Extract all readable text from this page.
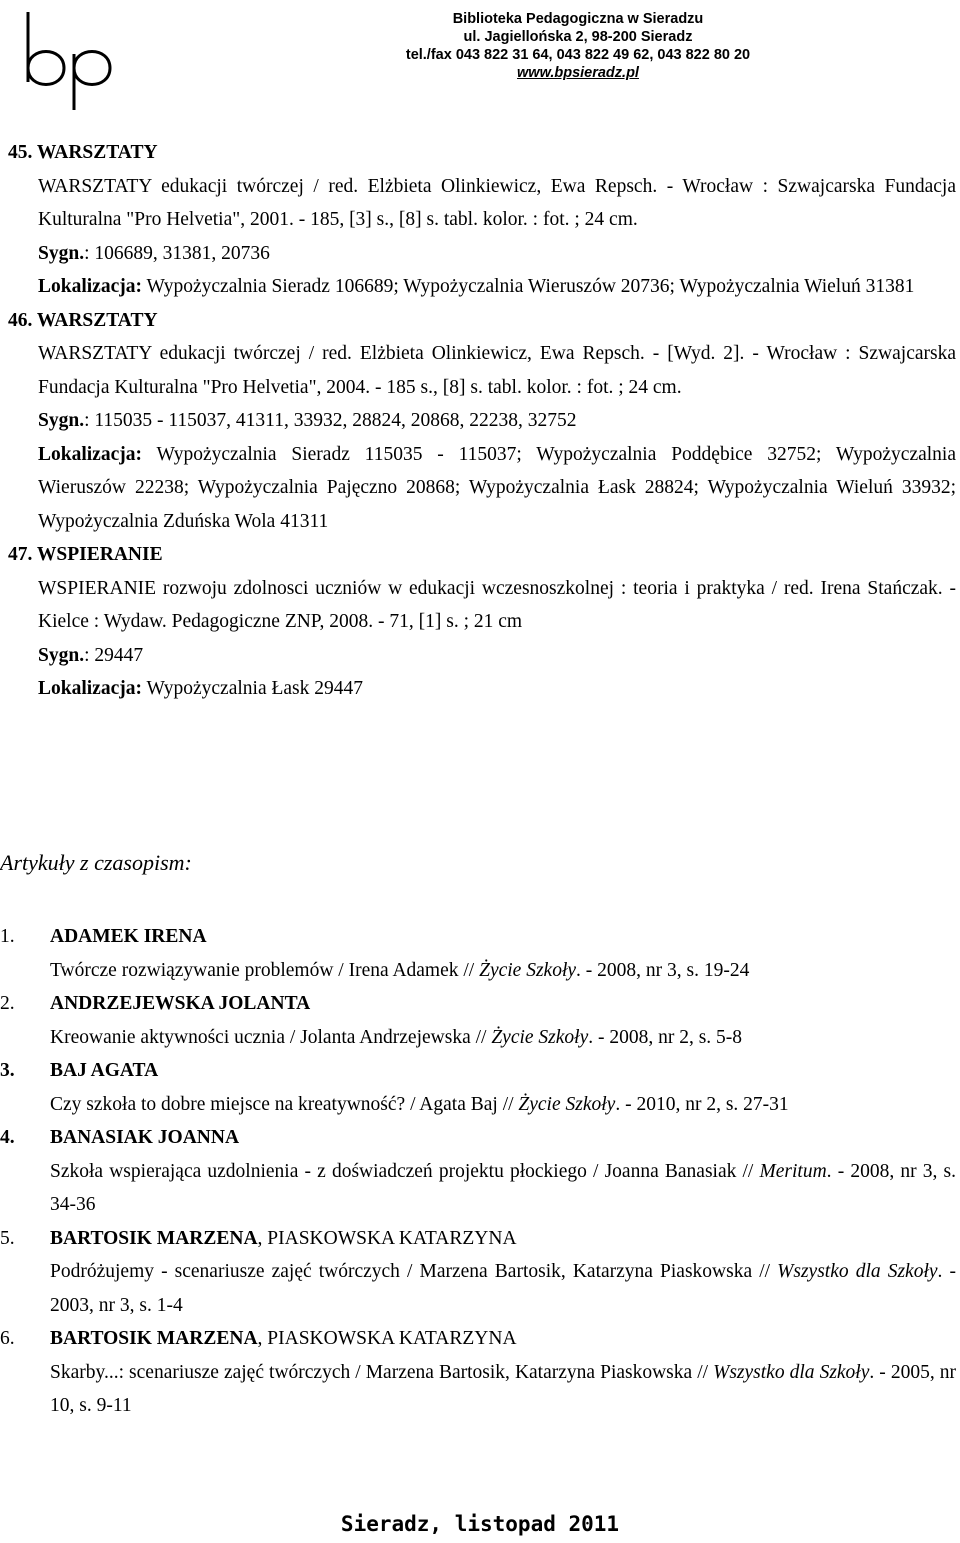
Biblioteka Pedagogiczna w Sieradzu
ul. Jagiellońska 2, 98-200 Sieradz
tel./fax 043 822 31 64, 043 822 49 62, 043 822 80 20
www.bpsieradz.pl
45. WARSZTATY
WARSZTATY edukacji twórczej / red. Elżbieta Olinkiewicz, Ewa Repsch. - Wrocław : Szwajcarska Fundacja Kulturalna "Pro Helvetia", 2001. - 185, [3] s., [8] s. tabl. kolor. : fot. ; 24 cm.
Sygn.: 106689, 31381, 20736
Lokalizacja: Wypożyczalnia Sieradz 106689; Wypożyczalnia Wieruszów 20736; Wypożyczalnia Wieluń 31381
46. WARSZTATY
WARSZTATY edukacji twórczej / red. Elżbieta Olinkiewicz, Ewa Repsch. - [Wyd. 2]. - Wrocław : Szwajcarska Fundacja Kulturalna "Pro Helvetia", 2004. - 185 s., [8] s. tabl. kolor. : fot. ; 24 cm.
Sygn.: 115035 - 115037, 41311, 33932, 28824, 20868, 22238, 32752
Lokalizacja: Wypożyczalnia Sieradz 115035 - 115037; Wypożyczalnia Poddębice 32752; Wypożyczalnia Wieruszów 22238; Wypożyczalnia Pajęczno 20868; Wypożyczalnia Łask 28824; Wypożyczalnia Wieluń 33932; Wypożyczalnia Zduńska Wola 41311
47. WSPIERANIE
WSPIERANIE rozwoju zdolnosci uczniów w edukacji wczesnoszkolnej : teoria i praktyka / red. Irena Stańczak. - Kielce : Wydaw. Pedagogiczne ZNP, 2008. - 71, [1] s. ; 21 cm
Sygn.: 29447
Lokalizacja: Wypożyczalnia Łask 29447
Artykuły z czasopism:
1.	ADAMEK IRENA
Twórcze rozwiązywanie problemów / Irena Adamek // Życie Szkoły. - 2008, nr 3, s. 19-24
2.	ANDRZEJEWSKA JOLANTA
Kreowanie aktywności ucznia / Jolanta Andrzejewska // Życie Szkoły. - 2008, nr 2, s. 5-8
3.	BAJ AGATA
Czy szkoła to dobre miejsce na kreatywność? / Agata Baj // Życie Szkoły. - 2010, nr 2, s. 27-31
4.	BANASIAK JOANNA
Szkoła wspierająca uzdolnienia - z doświadczeń projektu płockiego / Joanna Banasiak // Meritum. - 2008, nr 3, s. 34-36
5.	BARTOSIK MARZENA, PIASKOWSKA KATARZYNA
Podróżujemy - scenariusze zajęć twórczych / Marzena Bartosik, Katarzyna Piaskowska // Wszystko dla Szkoły. - 2003, nr 3, s. 1-4
6.	BARTOSIK MARZENA, PIASKOWSKA KATARZYNA
Skarby...: scenariusze zajęć twórczych / Marzena Bartosik, Katarzyna Piaskowska // Wszystko dla Szkoły. - 2005, nr 10, s. 9-11
Sieradz, listopad 2011
